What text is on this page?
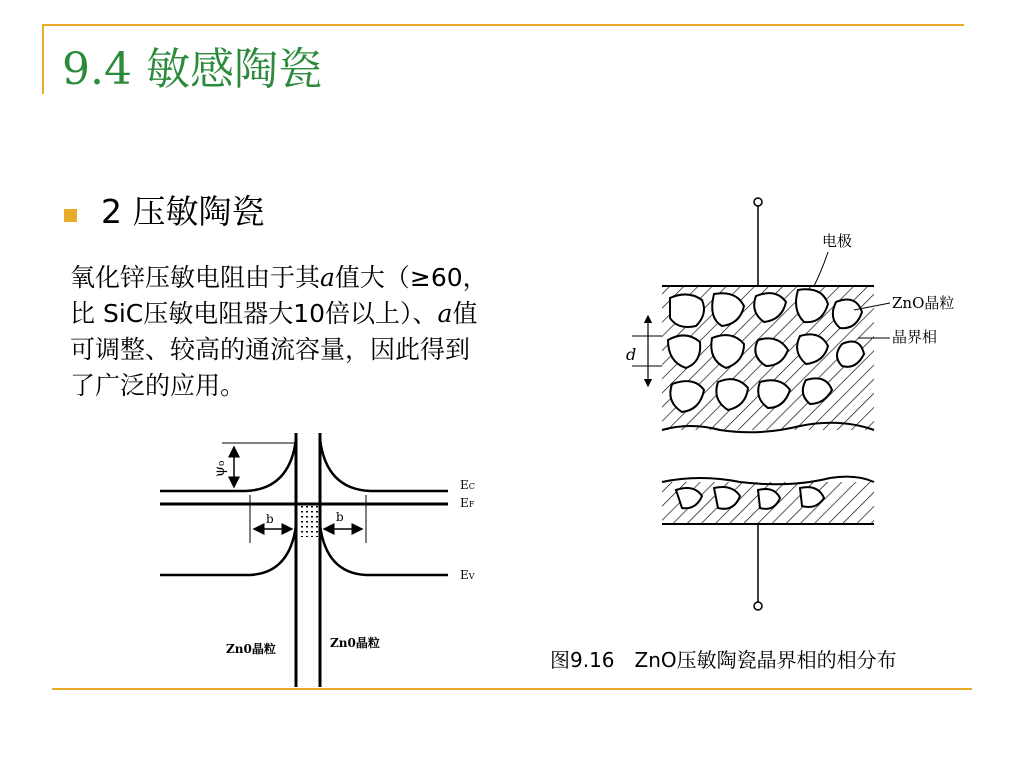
9.4 敏感陶瓷
2 压敏陶瓷
氧化锌压敏电阻由于其a值大（≥60，
比 SiC压敏电阻器大10倍以上）、a值
可调整、较高的通流容量，因此得到
了广泛的应用。
ψo
b	b
EC
EF
EV
Zn0晶粒	Zn0晶粒
d
电极
ZnO晶粒
晶界相
图9.16　ZnO压敏陶瓷晶界相的相分布
